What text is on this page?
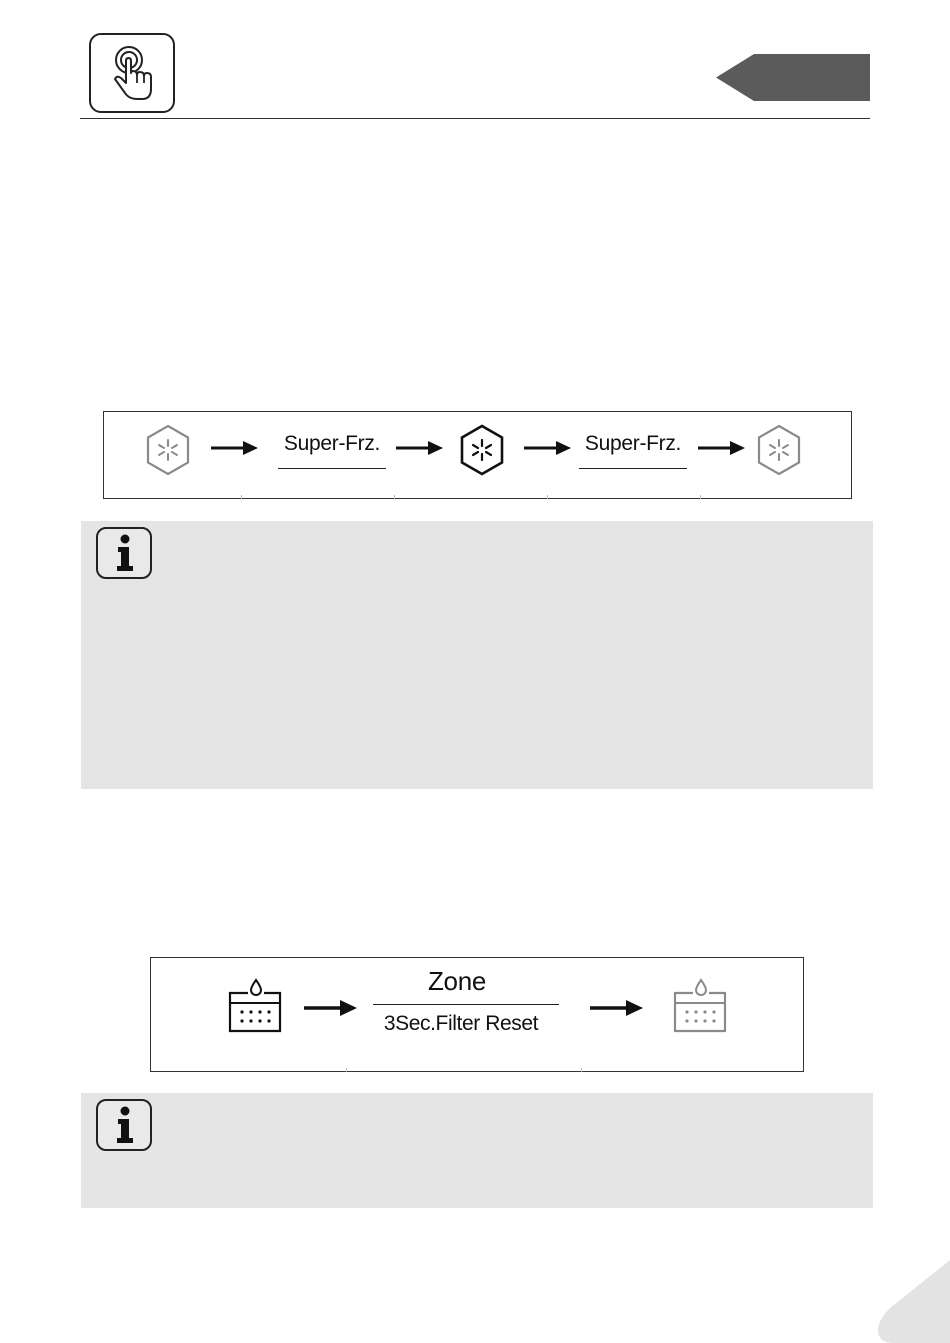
Super-Frz.	Super-Frz.
Zone
3Sec.Filter Reset
